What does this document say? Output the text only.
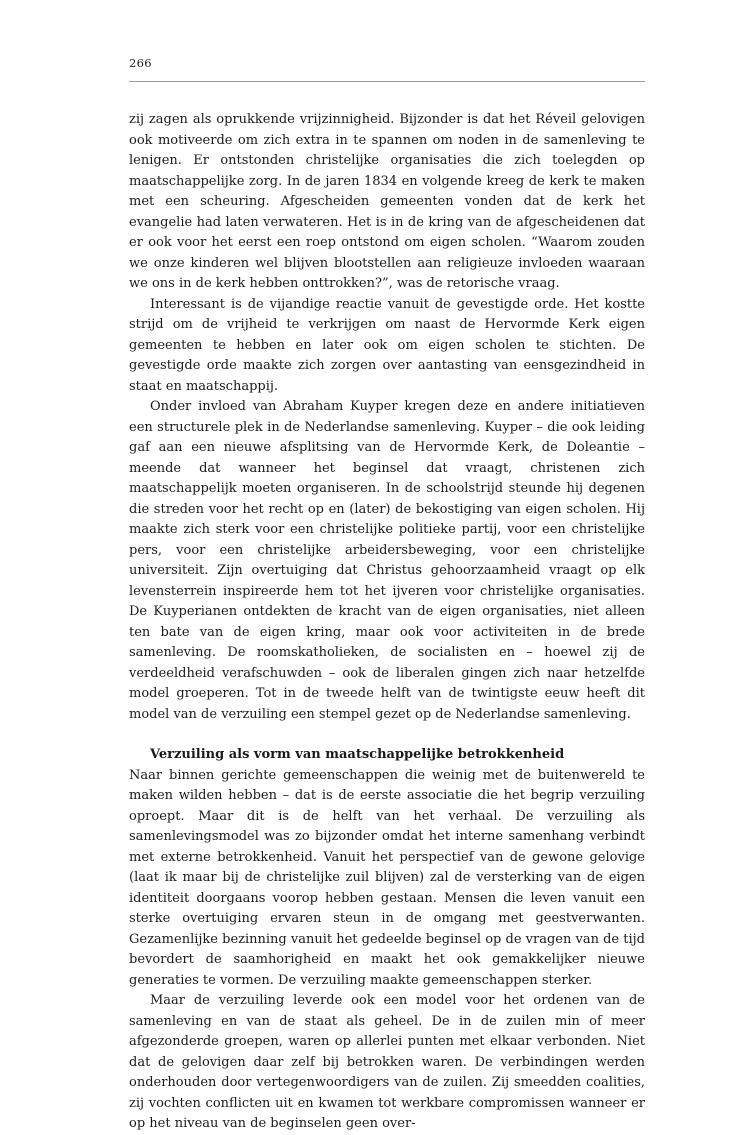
266

zij zagen als oprukkende vrijzinnigheid. Bijzonder is dat het Réveil gelovigen ook motiveerde om zich extra in te spannen om noden in de samenleving te lenigen. Er ontstonden christelijke organisaties die zich toelegden op maatschappelijke zorg. In de jaren 1834 en volgende kreeg de kerk te maken met een scheuring. Afgescheiden gemeenten vonden dat de kerk het evangelie had laten verwateren. Het is in de kring van de afgescheidenen dat er ook voor het eerst een roep ontstond om eigen scholen. “Waarom zouden we onze kinderen wel blijven blootstellen aan religieuze invloeden waaraan we ons in de kerk hebben onttrokken?”, was de retorische vraag.

Interessant is de vijandige reactie vanuit de gevestigde orde. Het kostte strijd om de vrijheid te verkrijgen om naast de Hervormde Kerk eigen gemeenten te hebben en later ook om eigen scholen te stichten. De gevestigde orde maakte zich zorgen over aantasting van eensgezindheid in staat en maatschappij.

Onder invloed van Abraham Kuyper kregen deze en andere initiatieven een structurele plek in de Nederlandse samenleving. Kuyper – die ook leiding gaf aan een nieuwe afsplitsing van de Hervormde Kerk, de Doleantie – meende dat wanneer het beginsel dat vraagt, christenen zich maatschappelijk moeten organiseren. In de schoolstrijd steunde hij degenen die streden voor het recht op en (later) de bekostiging van eigen scholen. Hij maakte zich sterk voor een christelijke politieke partij, voor een christelijke pers, voor een christelijke arbeidersbeweging, voor een christelijke universiteit. Zijn overtuiging dat Christus gehoorzaamheid vraagt op elk levensterrein inspireerde hem tot het ijveren voor christelijke organisaties. De Kuyperianen ontdekten de kracht van de eigen organisaties, niet alleen ten bate van de eigen kring, maar ook voor activiteiten in de brede samenleving. De roomskatholieken, de socialisten en – hoewel zij de verdeeldheid verafschuwden – ook de liberalen gingen zich naar hetzelfde model groeperen. Tot in de tweede helft van de twintigste eeuw heeft dit model van de verzuiling een stempel gezet op de Nederlandse samenleving.

Verzuiling als vorm van maatschappelijke betrokkenheid

Naar binnen gerichte gemeenschappen die weinig met de buitenwereld te maken wilden hebben – dat is de eerste associatie die het begrip verzuiling oproept. Maar dit is de helft van het verhaal. De verzuiling als samenlevingsmodel was zo bijzonder omdat het interne samenhang verbindt met externe betrokkenheid. Vanuit het perspectief van de gewone gelovige (laat ik maar bij de christelijke zuil blijven) zal de versterking van de eigen identiteit doorgaans voorop hebben gestaan. Mensen die leven vanuit een sterke overtuiging ervaren steun in de omgang met geestverwanten. Gezamenlijke bezinning vanuit het gedeelde beginsel op de vragen van de tijd bevordert de saamhorigheid en maakt het ook gemakkelijker nieuwe generaties te vormen. De verzuiling maakte gemeenschappen sterker.

Maar de verzuiling leverde ook een model voor het ordenen van de samenleving en van de staat als geheel. De in de zuilen min of meer afgezonderde groepen, waren op allerlei punten met elkaar verbonden. Niet dat de gelovigen daar zelf bij betrokken waren. De verbindingen werden onderhouden door vertegenwoordigers van de zuilen. Zij smeedden coalities, zij vochten conflicten uit en kwamen tot werkbare compromissen wanneer er op het niveau van de beginselen geen over-
